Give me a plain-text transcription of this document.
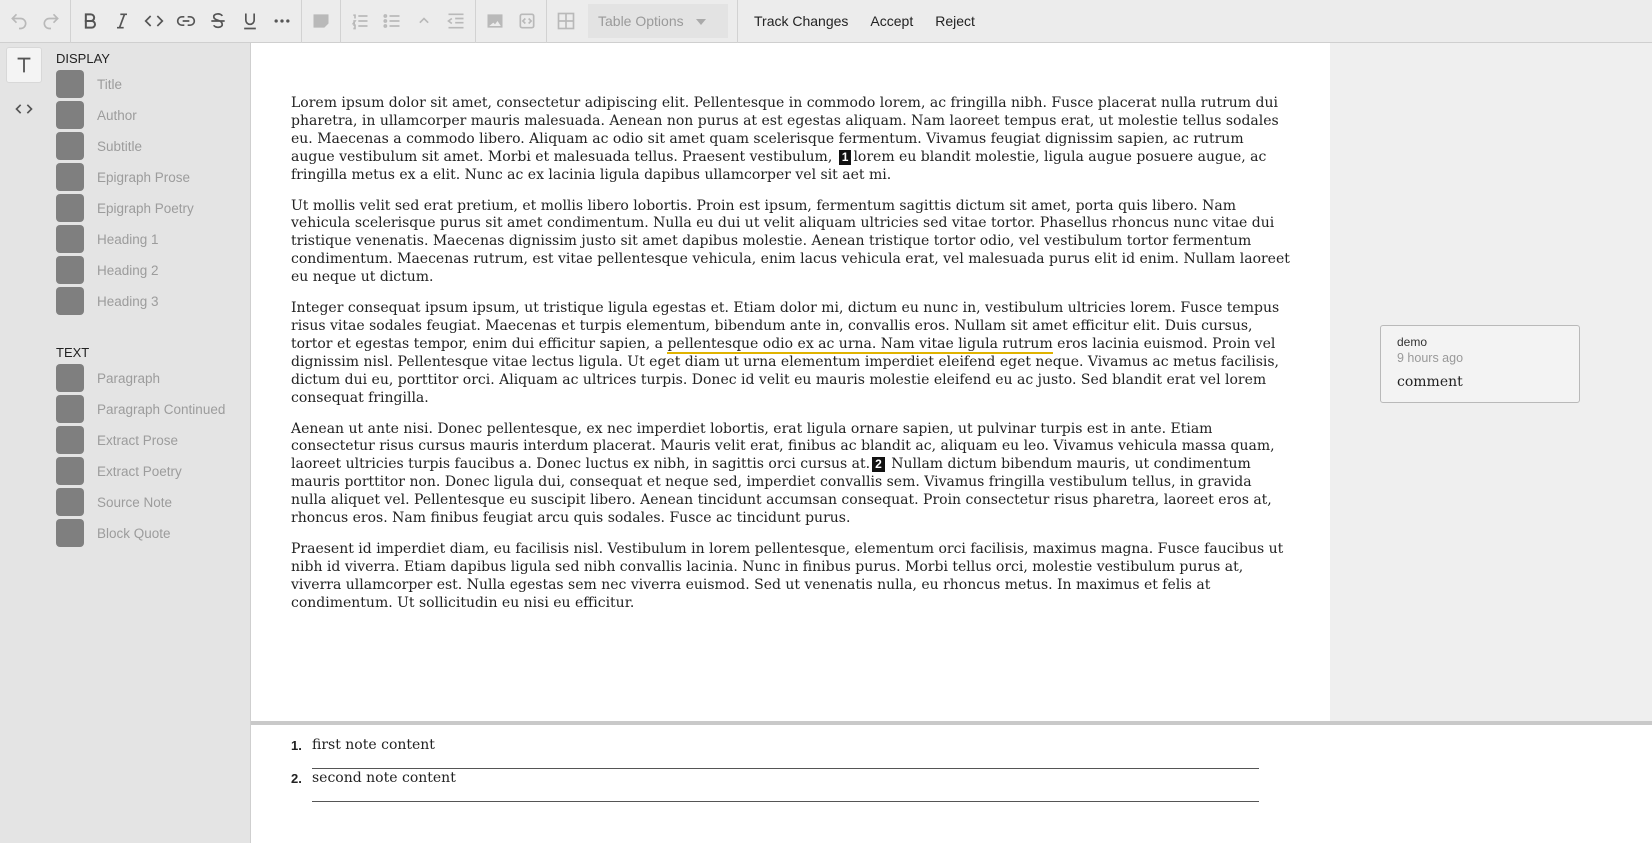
Table Options	Track Changes	Accept	Reject
DISPLAY
Title
Author
Subtitle
Epigraph Prose
Epigraph Poetry
Heading 1
Heading 2
Heading 3
TEXT
Paragraph
Paragraph Continued
Extract Prose
Extract Poetry
Source Note
Block Quote

Lorem ipsum dolor sit amet, consectetur adipiscing elit. Pellentesque in commodo lorem, ac fringilla nibh. Fusce placerat nulla rutrum dui pharetra, in ullamcorper mauris malesuada. Aenean non purus at est egestas aliquam. Nam laoreet tempus erat, ut molestie tellus sodales eu. Maecenas a commodo libero. Aliquam ac odio sit amet quam scelerisque fermentum. Vivamus feugiat dignissim sapien, ac rutrum augue vestibulum sit amet. Morbi et malesuada tellus. Praesent vestibulum, 1 lorem eu blandit molestie, ligula augue posuere augue, ac fringilla metus ex a elit. Nunc ac ex lacinia ligula dapibus ullamcorper vel sit aet mi.

Ut mollis velit sed erat pretium, et mollis libero lobortis. Proin est ipsum, fermentum sagittis dictum sit amet, porta quis libero. Nam vehicula scelerisque purus sit amet condimentum. Nulla eu dui ut velit aliquam ultricies sed vitae tortor. Phasellus rhoncus nunc vitae dui tristique venenatis. Maecenas dignissim justo sit amet dapibus molestie. Aenean tristique tortor odio, vel vestibulum tortor fermentum condimentum. Maecenas rutrum, est vitae pellentesque vehicula, enim lacus vehicula erat, vel malesuada purus elit id enim. Nullam laoreet eu neque ut dictum.

Integer consequat ipsum ipsum, ut tristique ligula egestas et. Etiam dolor mi, dictum eu nunc in, vestibulum ultricies lorem. Fusce tempus risus vitae sodales feugiat. Maecenas et turpis elementum, bibendum ante in, convallis eros. Nullam sit amet efficitur elit. Duis cursus, tortor et egestas tempor, enim dui efficitur sapien, a pellentesque odio ex ac urna. Nam vitae ligula rutrum eros lacinia euismod. Proin vel dignissim nisl. Pellentesque vitae lectus ligula. Ut eget diam ut urna elementum imperdiet eleifend eget neque. Vivamus ac metus facilisis, dictum dui eu, porttitor orci. Aliquam ac ultrices turpis. Donec id velit eu mauris molestie eleifend eu ac justo. Sed blandit erat vel lorem consequat fringilla.

Aenean ut ante nisi. Donec pellentesque, ex nec imperdiet lobortis, erat ligula ornare sapien, ut pulvinar turpis est in ante. Etiam consectetur risus cursus mauris interdum placerat. Mauris velit erat, finibus ac blandit ac, aliquam eu leo. Vivamus vehicula massa quam, laoreet ultricies turpis faucibus a. Donec luctus ex nibh, in sagittis orci cursus at. 2 Nullam dictum bibendum mauris, ut condimentum mauris porttitor non. Donec ligula dui, consequat et neque sed, imperdiet convallis sem. Vivamus fringilla vestibulum tellus, in gravida nulla aliquet vel. Pellentesque eu suscipit libero. Aenean tincidunt accumsan consequat. Proin consectetur risus pharetra, laoreet eros at, rhoncus eros. Nam finibus feugiat arcu quis sodales. Fusce ac tincidunt purus.

Praesent id imperdiet diam, eu facilisis nisl. Vestibulum in lorem pellentesque, elementum orci facilisis, maximus magna. Fusce faucibus ut nibh id viverra. Etiam dapibus ligula sed nibh convallis lacinia. Nunc in finibus purus. Morbi tellus orci, molestie vestibulum purus at, viverra ullamcorper est. Nulla egestas sem nec viverra euismod. Sed ut venenatis nulla, eu rhoncus metus. In maximus et felis at condimentum. Ut sollicitudin eu nisi eu efficitur.

demo
9 hours ago
comment
1. first note content
2. second note content
